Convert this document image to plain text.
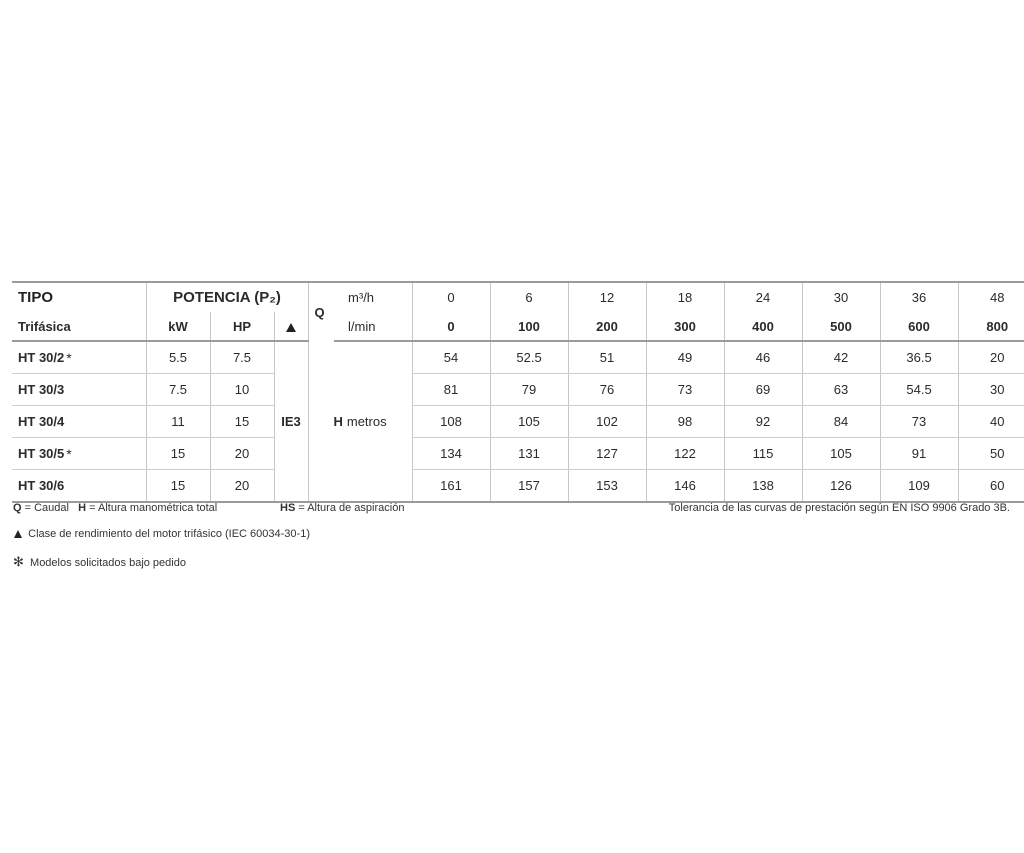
TIPO	POTENCIA (P₂)			Q	m³/h	0	6	12	18	24	30	36	48
Trifásica	kW	HP			l/min	0	100	200	300	400	500	600	800
HT 30/2 *	5.5	7.5	IE3	H metros		54	52.5	51	49	46	42	36.5	20
HT 30/3	7.5	10				81	79	76	73	69	63	54.5	30
HT 30/4	11	15				108	105	102	98	92	84	73	40
HT 30/5 *	15	20				134	131	127	122	115	105	91	50
HT 30/6	15	20				161	157	153	146	138	126	109	60
Q = Caudal H = Altura manométrica total	HS = Altura de aspiración	Tolerancia de las curvas de prestación según EN ISO 9906 Grado 3B.
Clase de rendimiento del motor trifásico (IEC 60034-30-1)
✻ Modelos solicitados bajo pedido
